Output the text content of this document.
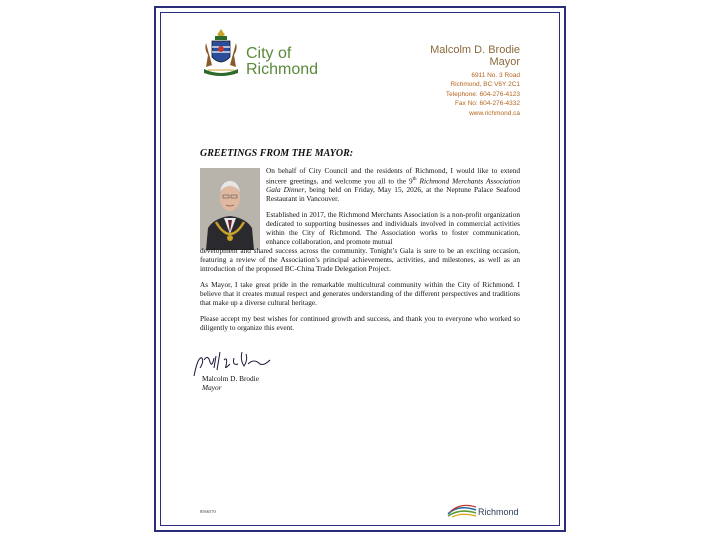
City of
Richmond
Malcolm D. Brodie
Mayor
6911 No. 3 Road
Richmond, BC V6Y 2C1
Telephone: 604-276-4123
Fax No: 604-276-4332
www.richmond.ca
GREETINGS FROM THE MAYOR:

On behalf of City Council and the residents of Richmond, I would like to extend sincere greetings, and welcome you all to the 9th Richmond Merchants Association Gala Dinner, being held on Friday, May 15, 2026, at the Neptune Palace Seafood Restaurant in Vancouver.

Established in 2017, the Richmond Merchants Association is a non-profit organization dedicated to supporting businesses and individuals involved in commercial activities within the City of Richmond. The Association works to foster communication, enhance collaboration, and promote mutual

development and shared success across the community. Tonight’s Gala is sure to be an exciting occasion, featuring a review of the Association’s principal achievements, activities, and milestones, as well as an introduction of the proposed BC-China Trade Delegation Project.

As Mayor, I take great pride in the remarkable multicultural community within the City of Richmond. I believe that it creates mutual respect and generates understanding of the different perspectives and traditions that make up a diverse cultural heritage.

Please accept my best wishes for continued growth and success, and thank you to everyone who worked so diligently to organize this event.

Malcolm D. Brodie
Mayor
8566570	Richmond
